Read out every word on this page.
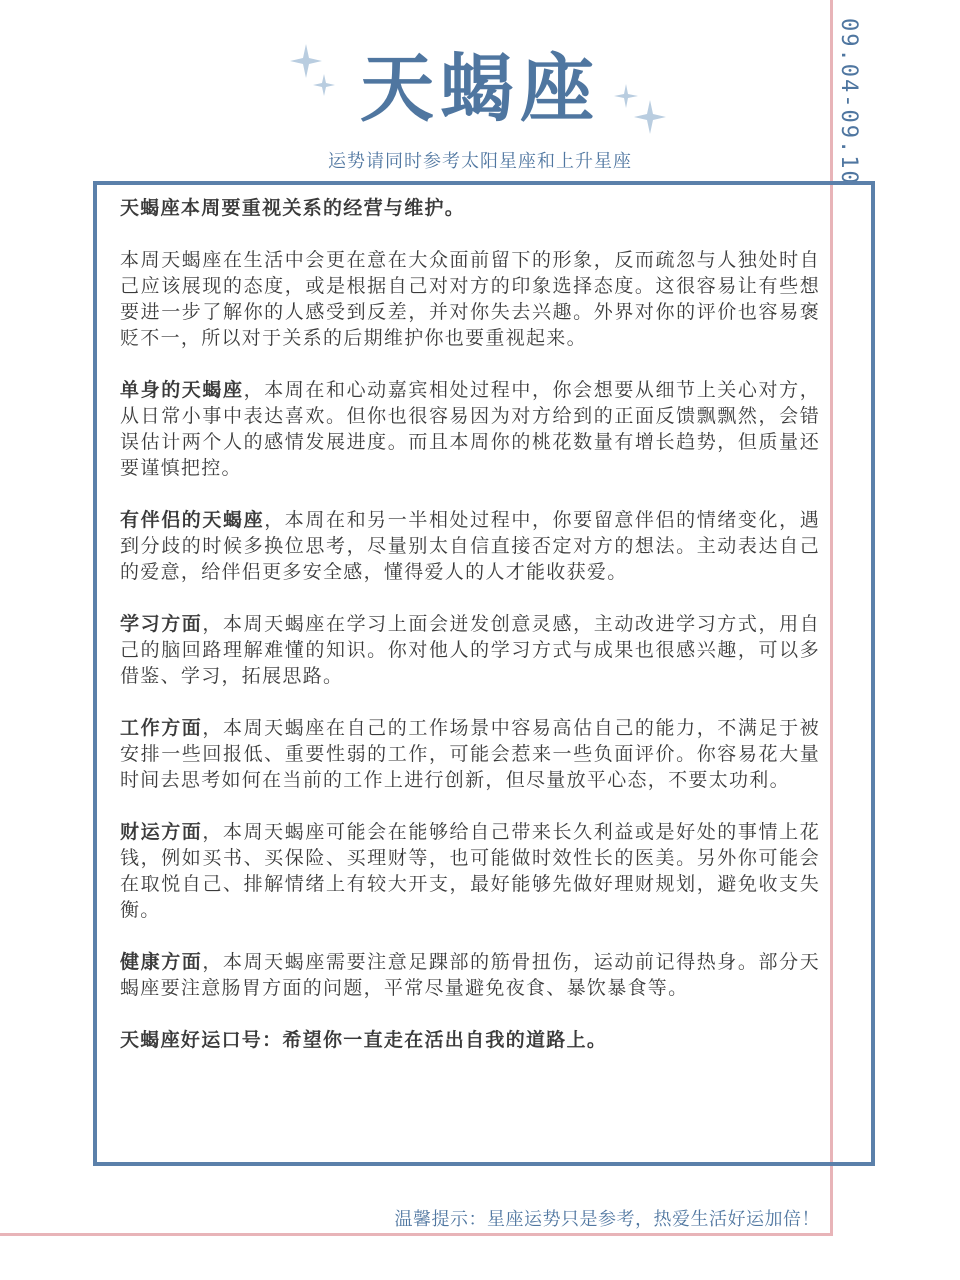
09.04-09.10
天蝎座
运势请同时参考太阳星座和上升星座

天蝎座本周要重视关系的经营与维护。

本周天蝎座在生活中会更在意在大众面前留下的形象，反而疏忽与人独处时自己应该展现的态度，或是根据自己对对方的印象选择态度。这很容易让有些想要进一步了解你的人感受到反差，并对你失去兴趣。外界对你的评价也容易褒贬不一，所以对于关系的后期维护你也要重视起来。

单身的天蝎座，本周在和心动嘉宾相处过程中，你会想要从细节上关心对方，从日常小事中表达喜欢。但你也很容易因为对方给到的正面反馈飘飘然，会错误估计两个人的感情发展进度。而且本周你的桃花数量有增长趋势，但质量还要谨慎把控。

有伴侣的天蝎座，本周在和另一半相处过程中，你要留意伴侣的情绪变化，遇到分歧的时候多换位思考，尽量别太自信直接否定对方的想法。主动表达自己的爱意，给伴侣更多安全感，懂得爱人的人才能收获爱。

学习方面，本周天蝎座在学习上面会迸发创意灵感，主动改进学习方式，用自己的脑回路理解难懂的知识。你对他人的学习方式与成果也很感兴趣，可以多借鉴、学习，拓展思路。

工作方面，本周天蝎座在自己的工作场景中容易高估自己的能力，不满足于被安排一些回报低、重要性弱的工作，可能会惹来一些负面评价。你容易花大量时间去思考如何在当前的工作上进行创新，但尽量放平心态，不要太功利。

财运方面，本周天蝎座可能会在能够给自己带来长久利益或是好处的事情上花钱，例如买书、买保险、买理财等，也可能做时效性长的医美。另外你可能会在取悦自己、排解情绪上有较大开支，最好能够先做好理财规划，避免收支失衡。

健康方面，本周天蝎座需要注意足踝部的筋骨扭伤，运动前记得热身。部分天蝎座要注意肠胃方面的问题，平常尽量避免夜食、暴饮暴食等。

天蝎座好运口号：希望你一直走在活出自我的道路上。

温馨提示：星座运势只是参考，热爱生活好运加倍！
